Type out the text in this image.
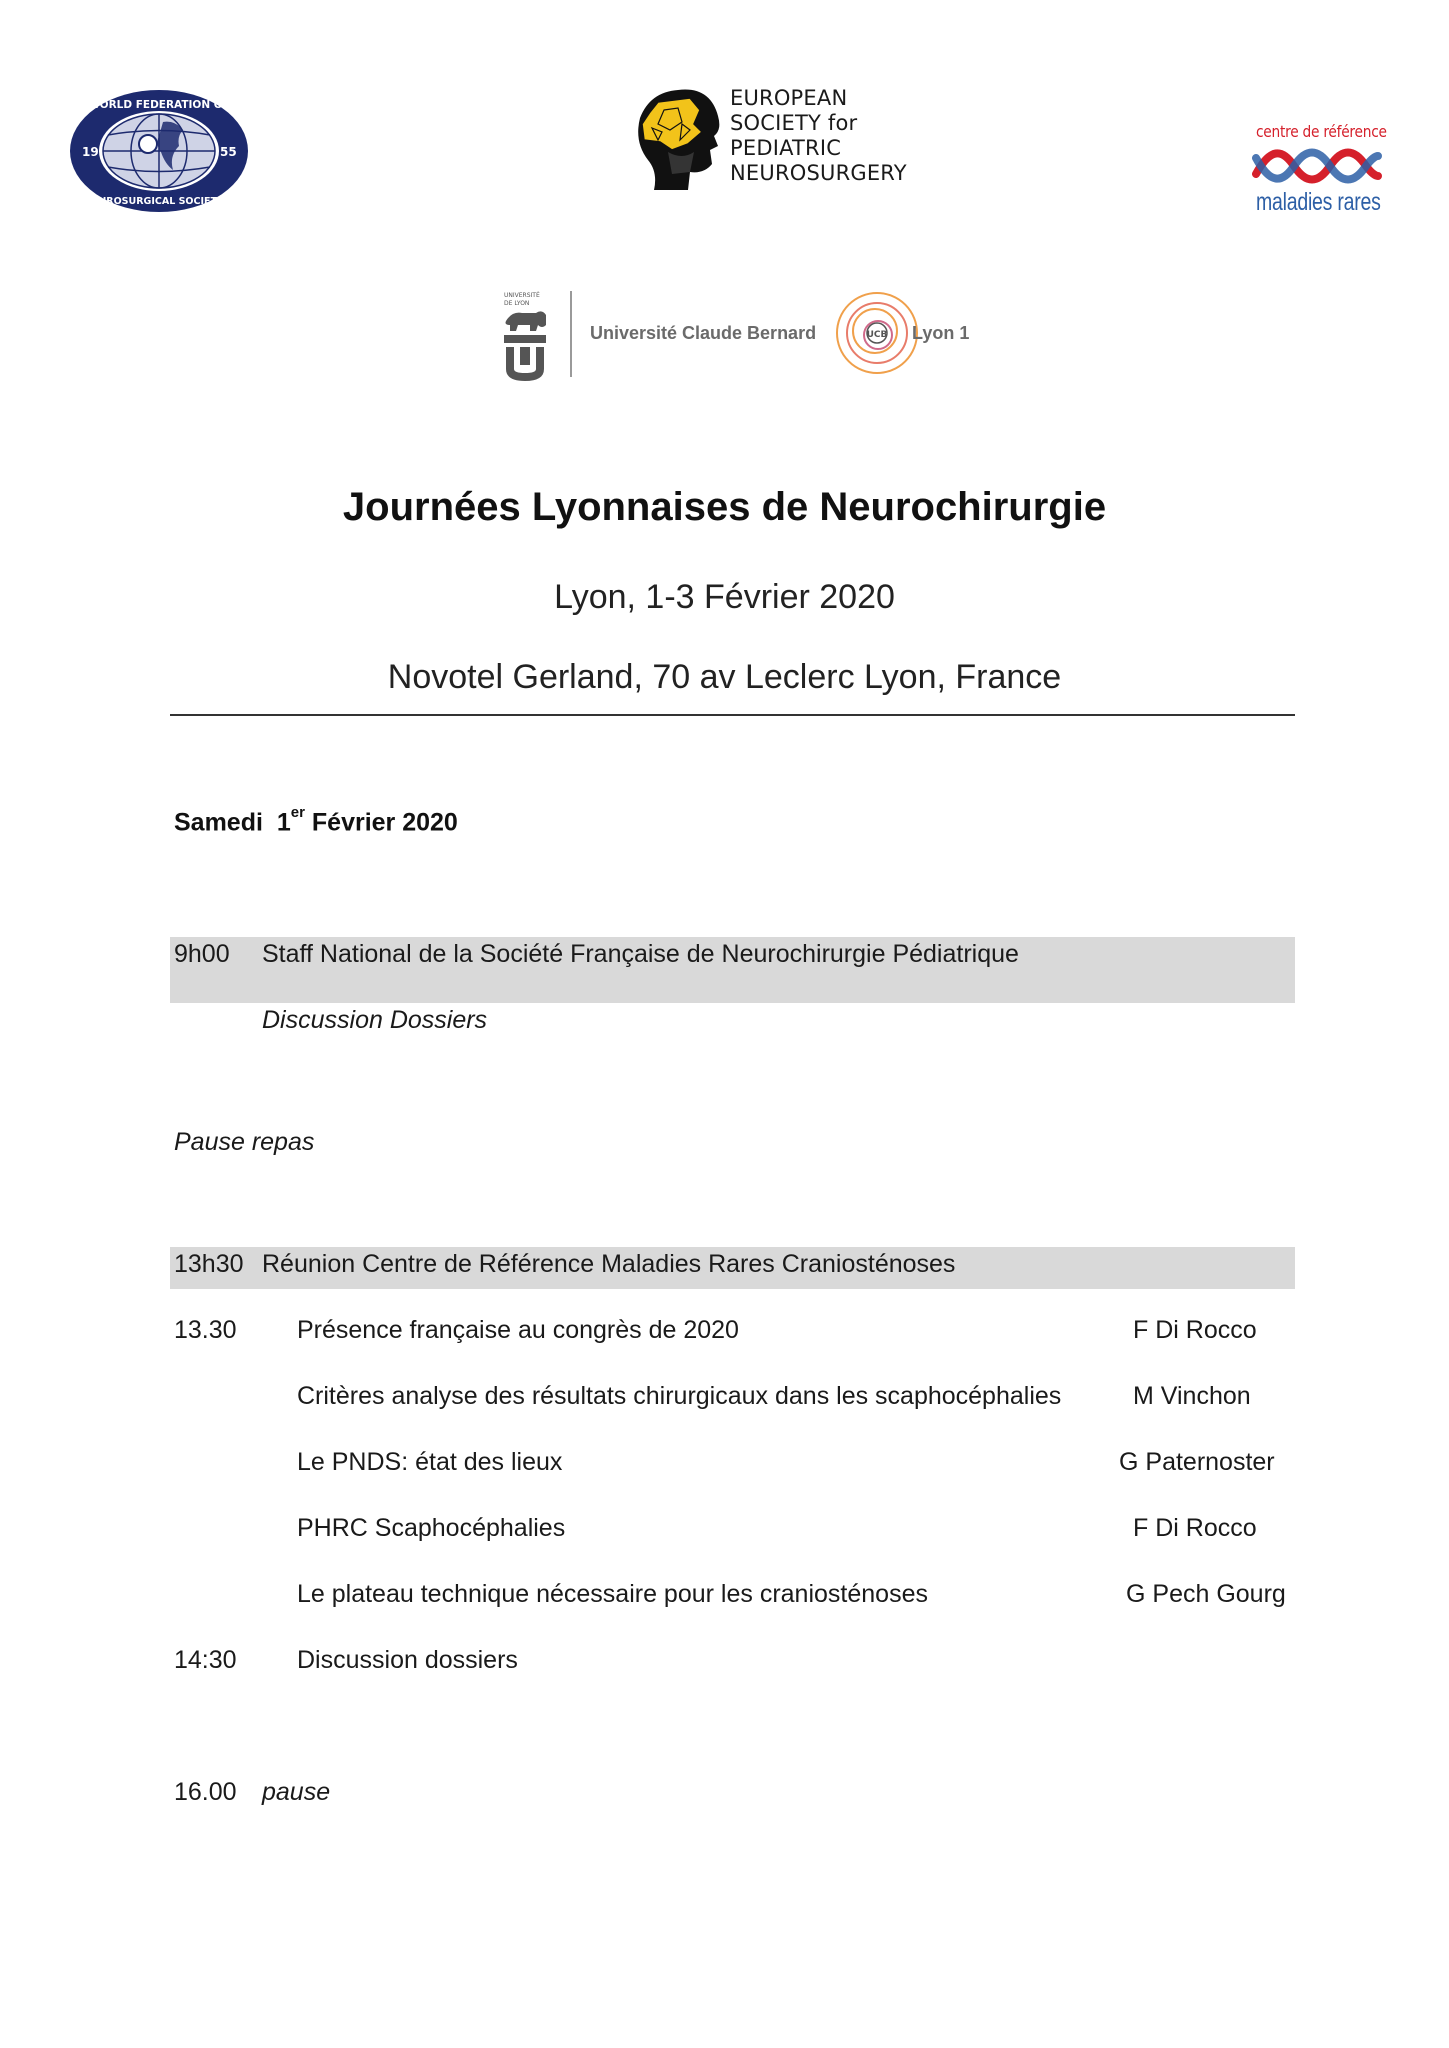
WORLD FEDERATION OF
NEUROSURGICAL SOCIETIES
19	55
EUROPEAN
SOCIETY for
PEDIATRIC
NEUROSURGERY
centre de référence
maladies rares
UNIVERSITÉ
DE LYON
Université Claude Bernard	UCB Lyon 1
Journées Lyonnaises de Neurochirurgie
Lyon, 1-3 Février 2020
Novotel Gerland, 70 av Leclerc Lyon, France
Samedi 1er Février 2020
9h00 Staff National de la Société Française de Neurochirurgie Pédiatrique
Discussion Dossiers
Pause repas
13h30 Réunion Centre de Référence Maladies Rares Craniosténoses
13.30 Présence française au congrès de 2020	F Di Rocco
Critères analyse des résultats chirurgicaux dans les scaphocéphalies	M Vinchon
Le PNDS: état des lieux	G Paternoster
PHRC Scaphocéphalies	F Di Rocco
Le plateau technique nécessaire pour les craniosténoses	G Pech Gourg
14:30 Discussion dossiers
16.00 pause
